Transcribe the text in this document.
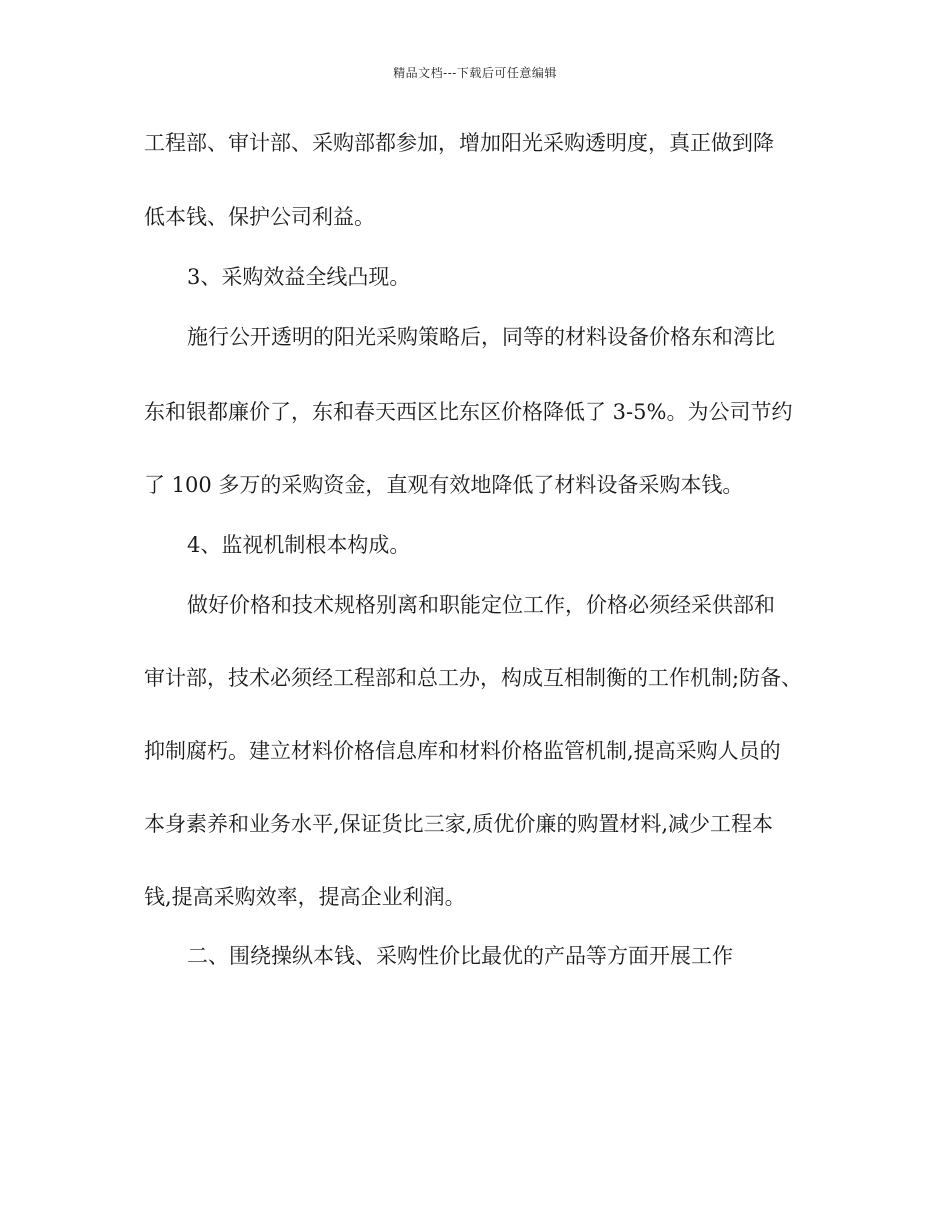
精品文档---下载后可任意编辑
工程部、审计部、采购部都参加，增加阳光采购透明度，真正做到降
低本钱、保护公司利益。
3、采购效益全线凸现。
施行公开透明的阳光采购策略后，同等的材料设备价格东和湾比
东和银都廉价了，东和春天西区比东区价格降低了 3-5%。为公司节约
了 100 多万的采购资金，直观有效地降低了材料设备采购本钱。
4、监视机制根本构成。
做好价格和技术规格别离和职能定位工作，价格必须经采供部和
审计部，技术必须经工程部和总工办，构成互相制衡的工作机制;防备、
抑制腐朽。建立材料价格信息库和材料价格监管机制,提高采购人员的
本身素养和业务水平,保证货比三家,质优价廉的购置材料,减少工程本
钱,提高采购效率，提高企业利润。
二、围绕操纵本钱、采购性价比最优的产品等方面开展工作
